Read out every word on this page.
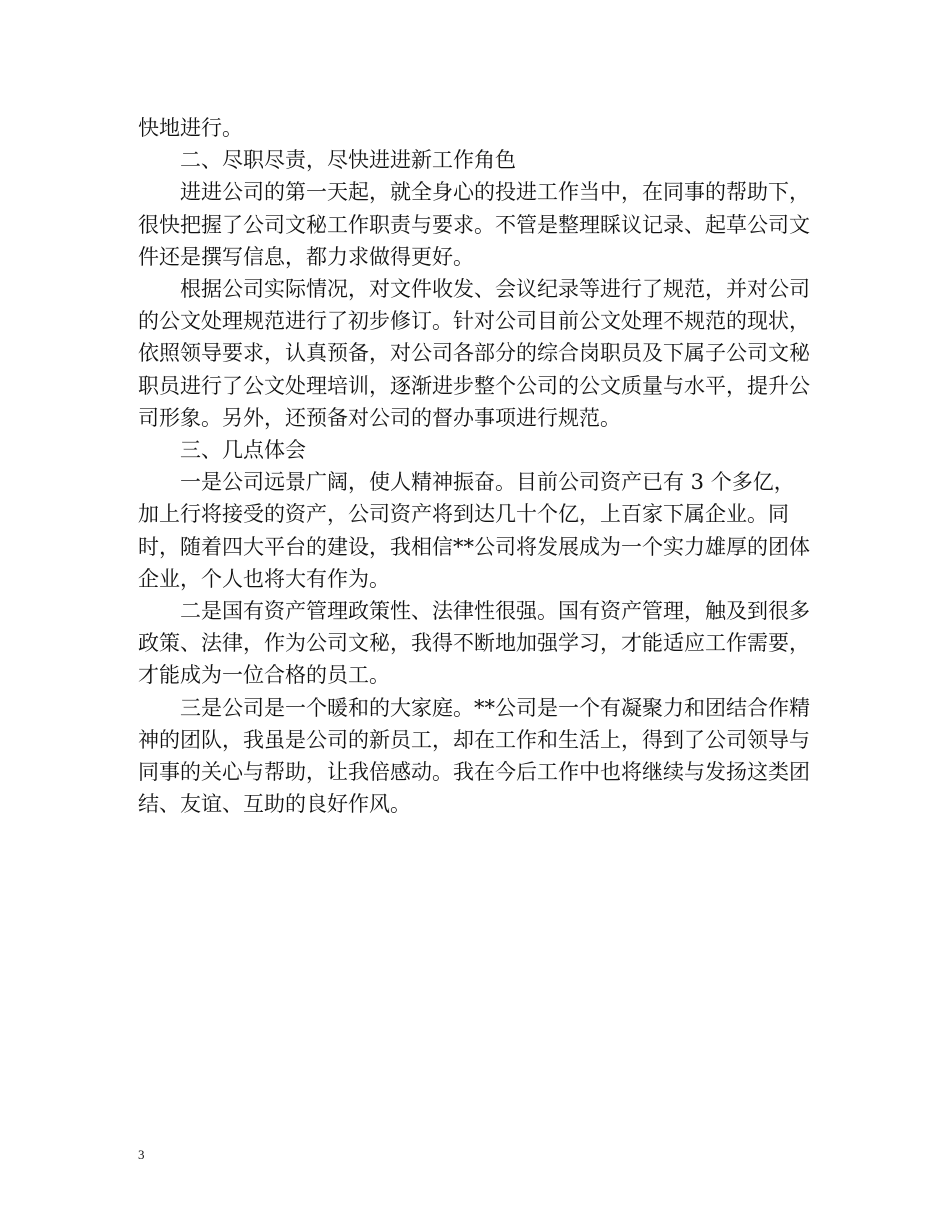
快地进行。

二、尽职尽责，尽快进进新工作角色

进进公司的第一天起，就全身心的投进工作当中，在同事的帮助下，很快把握了公司文秘工作职责与要求。不管是整理睬议记录、起草公司文件还是撰写信息，都力求做得更好。

根据公司实际情况，对文件收发、会议纪录等进行了规范，并对公司的公文处理规范进行了初步修订。针对公司目前公文处理不规范的现状，依照领导要求，认真预备，对公司各部分的综合岗职员及下属子公司文秘职员进行了公文处理培训，逐渐进步整个公司的公文质量与水平，提升公司形象。另外，还预备对公司的督办事项进行规范。

三、几点体会

一是公司远景广阔，使人精神振奋。目前公司资产已有 3 个多亿，加上行将接受的资产，公司资产将到达几十个亿，上百家下属企业。同时，随着四大平台的建设，我相信**公司将发展成为一个实力雄厚的团体企业，个人也将大有作为。

二是国有资产管理政策性、法律性很强。国有资产管理，触及到很多政策、法律，作为公司文秘，我得不断地加强学习，才能适应工作需要，才能成为一位合格的员工。

三是公司是一个暖和的大家庭。**公司是一个有凝聚力和团结合作精神的团队，我虽是公司的新员工，却在工作和生活上，得到了公司领导与同事的关心与帮助，让我倍感动。我在今后工作中也将继续与发扬这类团结、友谊、互助的良好作风。

3
